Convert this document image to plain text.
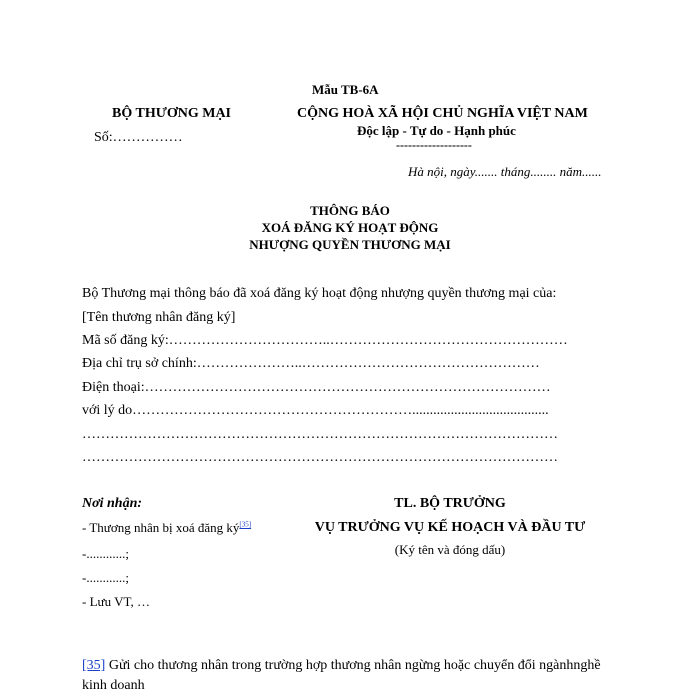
Mẫu TB-6A
BỘ THƯƠNG MẠI
Số:……………
CỘNG HOÀ XÃ HỘI CHỦ NGHĨA VIỆT NAM
Độc lập - Tự do - Hạnh phúc
-------------------
Hà nội, ngày....... tháng........ năm......
THÔNG BÁO
XOÁ ĐĂNG KÝ HOẠT ĐỘNG
NHƯỢNG QUYỀN THƯƠNG MẠI
Bộ Thương mại thông báo đã xoá đăng ký hoạt động nhượng quyền thương mại của:
[Tên thương nhân đăng ký]
Mã số đăng ký:……………………………..……………………………………………
Địa chỉ trụ sở chính:…………………..……………………………………………
Điện thoại:……………………………………………………………………………
với lý do…………………………………………………….......................................
…………………………………………………………………………………………
…………………………………………………………………………………………
Nơi nhận:
- Thương nhân bị xoá đăng ký[35]
-............;
-............;
- Lưu VT, …
TL. BỘ TRƯỞNG
VỤ TRƯỞNG VỤ KẾ HOẠCH VÀ ĐẦU TƯ
(Ký tên và đóng dấu)
[35] Gửi cho thương nhân trong trường hợp thương nhân ngừng hoặc chuyển đổi ngànhnghề
kinh doanh
